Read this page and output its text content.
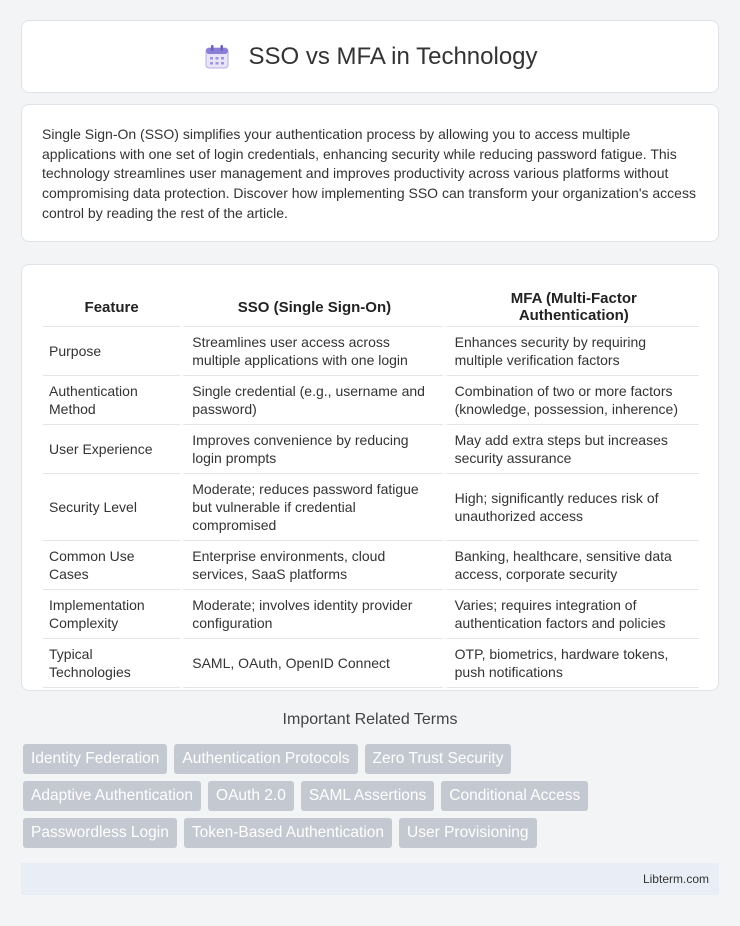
SSO vs MFA in Technology

Single Sign-On (SSO) simplifies your authentication process by allowing you to access multiple applications with one set of login credentials, enhancing security while reducing password fatigue. This technology streamlines user management and improves productivity across various platforms without compromising data protection. Discover how implementing SSO can transform your organization's access control by reading the rest of the article.

Feature	SSO (Single Sign-On)	MFA (Multi-Factor Authentication)
Purpose	Streamlines user access across multiple applications with one login	Enhances security by requiring multiple verification factors
Authentication Method	Single credential (e.g., username and password)	Combination of two or more factors (knowledge, possession, inherence)
User Experience	Improves convenience by reducing login prompts	May add extra steps but increases security assurance
Security Level	Moderate; reduces password fatigue but vulnerable if credential compromised	High; significantly reduces risk of unauthorized access
Common Use Cases	Enterprise environments, cloud services, SaaS platforms	Banking, healthcare, sensitive data access, corporate security
Implementation Complexity	Moderate; involves identity provider configuration	Varies; requires integration of authentication factors and policies
Typical Technologies	SAML, OAuth, OpenID Connect	OTP, biometrics, hardware tokens, push notifications
Important Related Terms
Identity Federation	Authentication Protocols	Zero Trust Security
Adaptive Authentication	OAuth 2.0	SAML Assertions	Conditional Access
Passwordless Login	Token-Based Authentication	User Provisioning
Libterm.com
